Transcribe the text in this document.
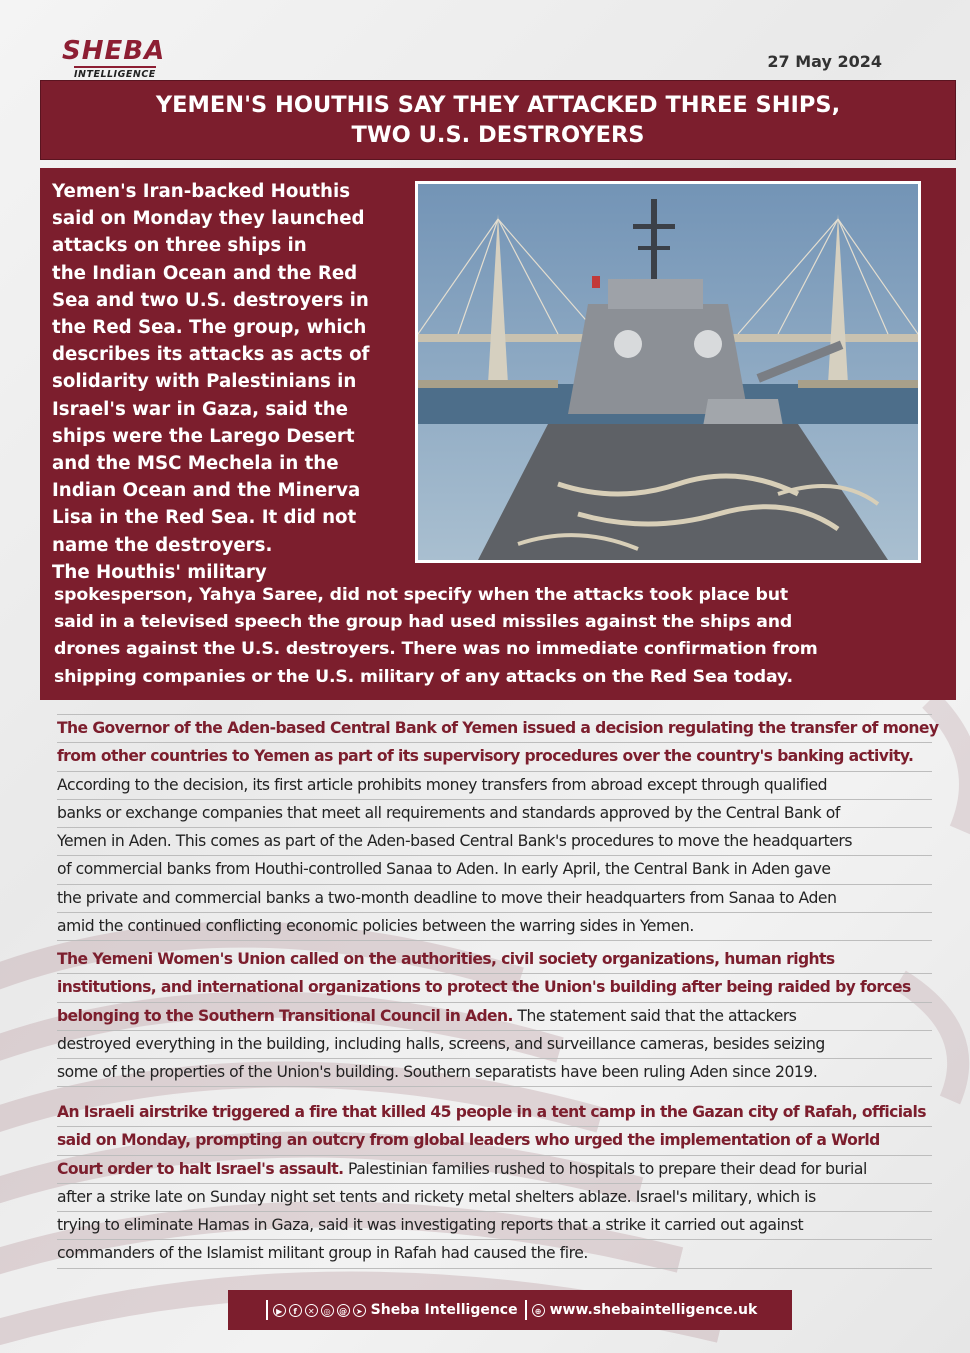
SHEBA
INTELLIGENCE
27 May 2024
YEMEN'S HOUTHIS SAY THEY ATTACKED THREE SHIPS, TWO U.S. DESTROYERS
Yemen's Iran-backed Houthis
said on Monday they launched
attacks on three ships in
the Indian Ocean and the Red
Sea and two U.S. destroyers in
the Red Sea. The group, which
describes its attacks as acts of
solidarity with Palestinians in
Israel's war in Gaza, said the
ships were the Larego Desert
and the MSC Mechela in the
Indian Ocean and the Minerva
Lisa in the Red Sea. It did not
name the destroyers.
The Houthis' military
spokesperson, Yahya Saree, did not specify when the attacks took place but
said in a televised speech the group had used missiles against the ships and
drones against the U.S. destroyers. There was no immediate confirmation from
shipping companies or the U.S. military of any attacks on the Red Sea today.
The Governor of the Aden-based Central Bank of Yemen issued a decision regulating the transfer of money
from other countries to Yemen as part of its supervisory procedures over the country's banking activity.
According to the decision, its first article prohibits money transfers from abroad except through qualified
banks or exchange companies that meet all requirements and standards approved by the Central Bank of
Yemen in Aden. This comes as part of the Aden-based Central Bank's procedures to move the headquarters
of commercial banks from Houthi-controlled Sanaa to Aden. In early April, the Central Bank in Aden gave
the private and commercial banks a two-month deadline to move their headquarters from Sanaa to Aden
amid the continued conflicting economic policies between the warring sides in Yemen.
The Yemeni Women's Union called on the authorities, civil society organizations, human rights
institutions, and international organizations to protect the Union's building after being raided by forces
belonging to the Southern Transitional Council in Aden. The statement said that the attackers
destroyed everything in the building, including halls, screens, and surveillance cameras, besides seizing
some of the properties of the Union's building. Southern separatists have been ruling Aden since 2019.
An Israeli airstrike triggered a fire that killed 45 people in a tent camp in the Gazan city of Rafah, officials
said on Monday, prompting an outcry from global leaders who urged the implementation of a World
Court order to halt Israel's assault. Palestinian families rushed to hospitals to prepare their dead for burial
after a strike late on Sunday night set tents and rickety metal shelters ablaze. Israel's military, which is
trying to eliminate Hamas in Gaza, said it was investigating reports that a strike it carried out against
commanders of the Islamist militant group in Rafah had caused the fire.
▶	f	✕	◎	@	➤ Sheba Intelligence	⊕ www.shebaintelligence.uk
